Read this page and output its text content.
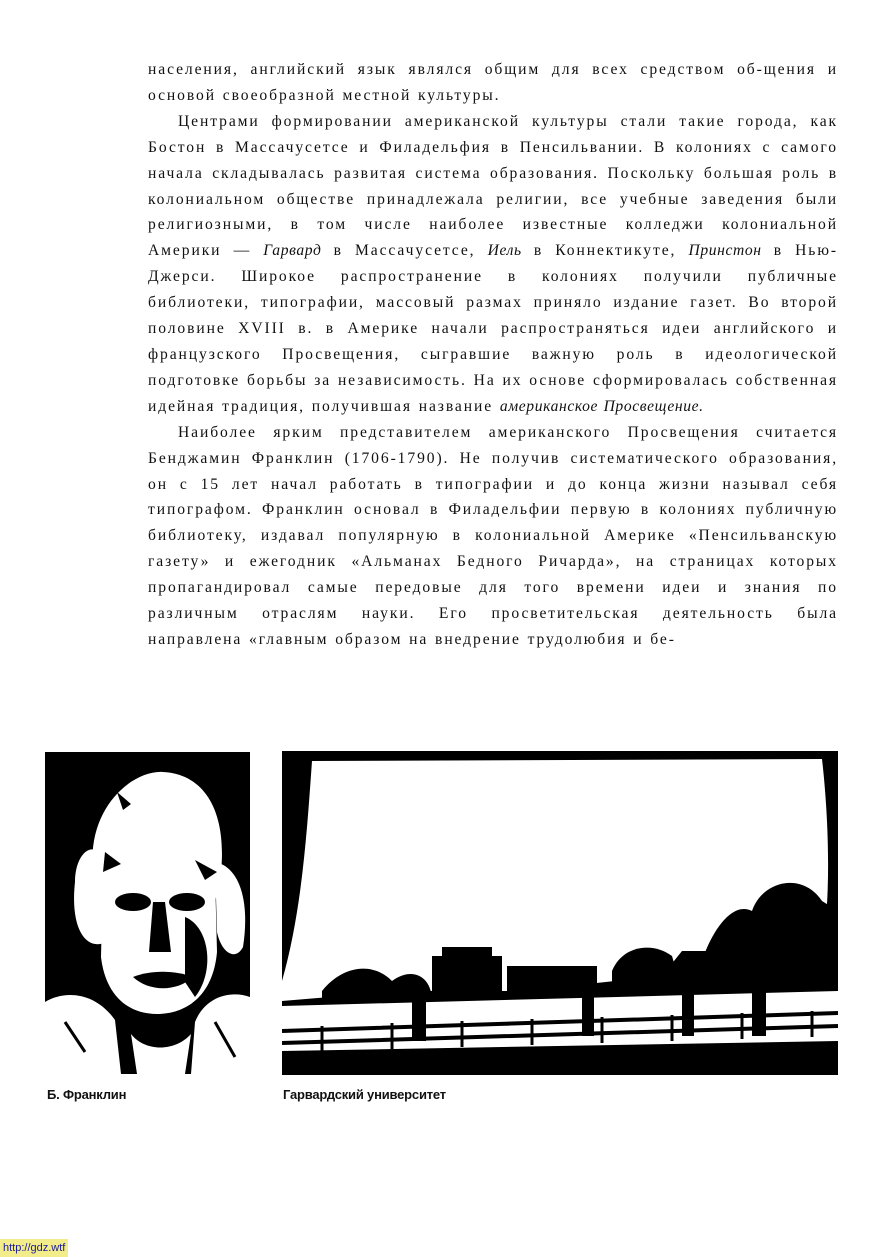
населения, английский язык являлся общим для всех средством об-щения и основой своеобразной местной культуры.

Центрами формировании американской культуры стали такие города, как Бостон в Массачусетсе и Филадельфия в Пенсильвании. В колониях с самого начала складывалась развитая система образования. Поскольку большая роль в колониальном обществе принадлежала религии, все учебные заведения были религиозными, в том числе наиболее известные колледжи колониальной Америки — Гарвард в Массачусетсе, Иель в Коннектикуте, Принстон в Нью-Джерси. Широкое распространение в колониях получили публичные библиотеки, типографии, массовый размах приняло издание газет. Во второй половине XVIII в. в Америке начали распространяться идеи английского и французского Просвещения, сыгравшие важную роль в идеологической подготовке борьбы за независимость. На их основе сформировалась собственная идейная традиция, получившая название американское Просвещение.

Наиболее ярким представителем американского Просвещения считается Бенджамин Франклин (1706-1790). Не получив систематического образования, он с 15 лет начал работать в типографии и до конца жизни называл себя типографом. Франклин основал в Филадельфии первую в колониях публичную библиотеку, издавал популярную в колониальной Америке «Пенсильванскую газету» и ежегодник «Альманах Бедного Ричарда», на страницах которых пропагандировал самые передовые для того времени идеи и знания по различным отраслям науки. Его просветительская деятельность была направлена «главным образом на внедрение трудолюбия и бе-

Б. Франклин	Гарвардский университет
http://gdz.wtf
